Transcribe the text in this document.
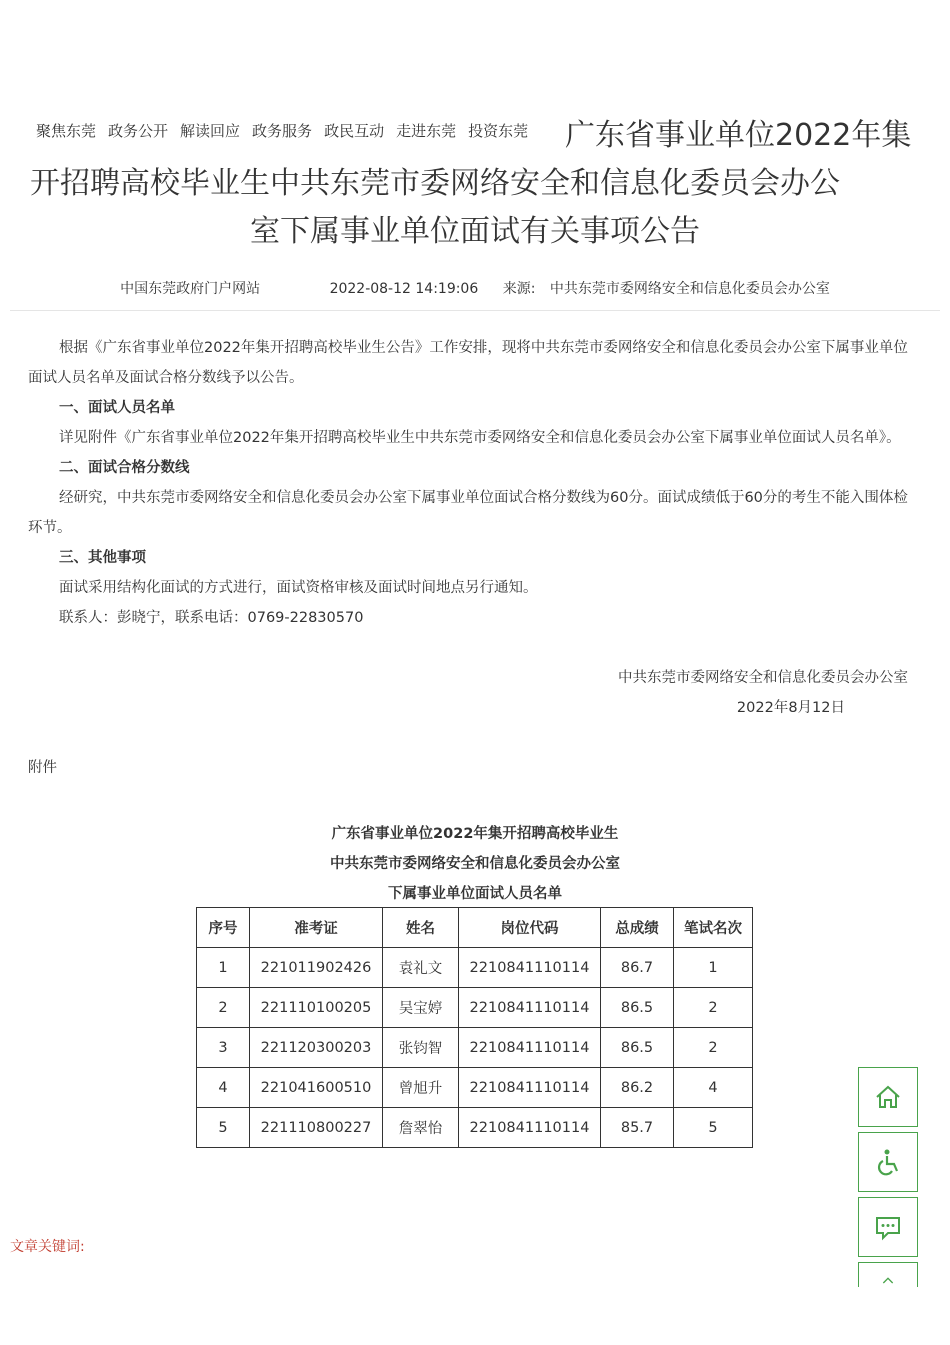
聚焦东莞 政务公开 解读回应 政务服务 政民互动 走进东莞 投资东莞	广东省事业单位2022年集开招聘高校毕业生中共东莞市委网络安全和信息化委员会办公
室下属事业单位面试有关事项公告
中国东莞政府门户网站	2022-08-12 14:19:06 来源: 中共东莞市委网络安全和信息化委员会办公室

根据《广东省事业单位2022年集开招聘高校毕业生公告》工作安排，现将中共东莞市委网络安全和信息化委员会办公室下属事业单位面试人员名单及面试合格分数线予以公告。

一、面试人员名单

详见附件《广东省事业单位2022年集开招聘高校毕业生中共东莞市委网络安全和信息化委员会办公室下属事业单位面试人员名单》。

二、面试合格分数线

经研究，中共东莞市委网络安全和信息化委员会办公室下属事业单位面试合格分数线为60分。面试成绩低于60分的考生不能入围体检环节。

三、其他事项

面试采用结构化面试的方式进行，面试资格审核及面试时间地点另行通知。

联系人：彭晓宁，联系电话：0769-22830570

中共东莞市委网络安全和信息化委员会办公室

2022年8月12日

附件

广东省事业单位2022年集开招聘高校毕业生
中共东莞市委网络安全和信息化委员会办公室
下属事业单位面试人员名单
序号	准考证	姓名	岗位代码	总成绩	笔试名次
1	221011902426	袁礼文	2210841110114	86.7	1
2	221110100205	吴宝婷	2210841110114	86.5	2
3	221120300203	张钧智	2210841110114	86.5	2
4	221041600510	曾旭升	2210841110114	86.2	4
5	221110800227	詹翠怡	2210841110114	85.7	5
文章关键词:
